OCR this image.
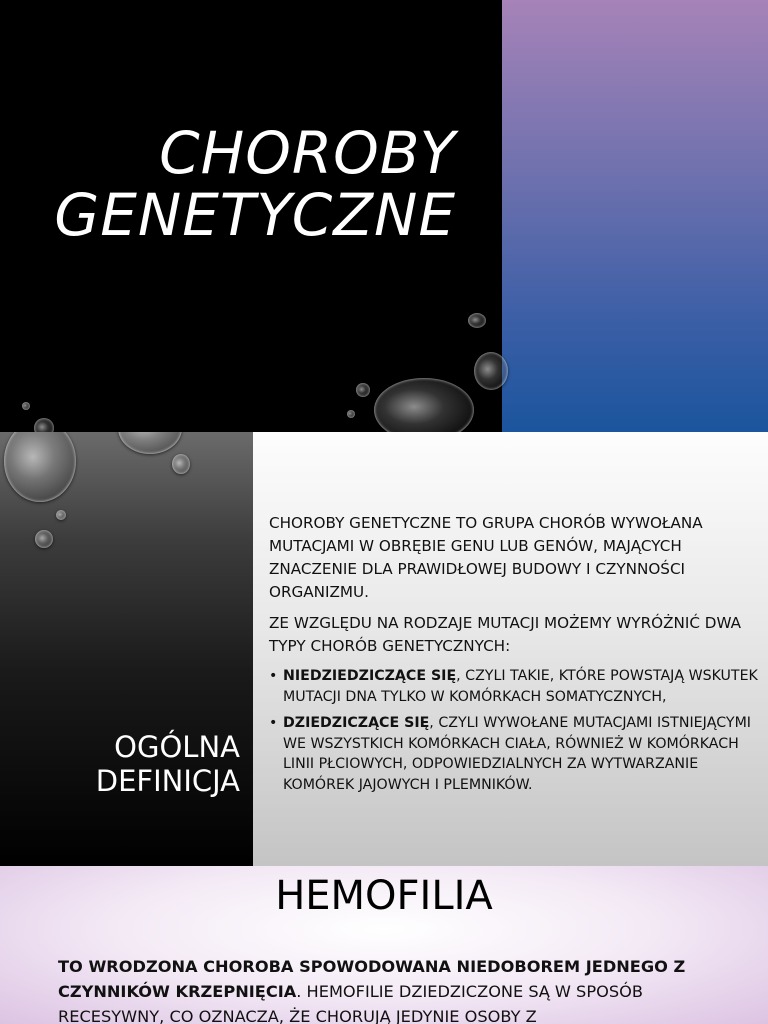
CHOROBY
GENETYCZNE
OGÓLNA
DEFINICJA

CHOROBY GENETYCZNE TO GRUPA CHORÓB WYWOŁANA MUTACJAMI W OBRĘBIE GENU LUB GENÓW, MAJĄCYCH ZNACZENIE DLA PRAWIDŁOWEJ BUDOWY I CZYNNOŚCI ORGANIZMU.

ZE WZGLĘDU NA RODZAJE MUTACJI MOŻEMY WYRÓŻNIĆ DWA TYPY CHORÓB GENETYCZNYCH:

• NIEDZIEDZICZĄCE SIĘ, CZYLI TAKIE, KTÓRE POWSTAJĄ WSKUTEK MUTACJI DNA TYLKO W KOMÓRKACH SOMATYCZNYCH,
• DZIEDZICZĄCE SIĘ, CZYLI WYWOŁANE MUTACJAMI ISTNIEJĄCYMI WE WSZYSTKICH KOMÓRKACH CIAŁA, RÓWNIEŻ W KOMÓRKACH LINII PŁCIOWYCH, ODPOWIEDZIALNYCH ZA WYTWARZANIE KOMÓREK JAJOWYCH I PLEMNIKÓW.
HEMOFILIA

TO WRODZONA CHOROBA SPOWODOWANA NIEDOBOREM JEDNEGO Z CZYNNIKÓW KRZEPNIĘCIA. HEMOFILIE DZIEDZICZONE SĄ W SPOSÓB RECESYWNY, CO OZNACZA, ŻE CHORUJĄ JEDYNIE OSOBY Z
